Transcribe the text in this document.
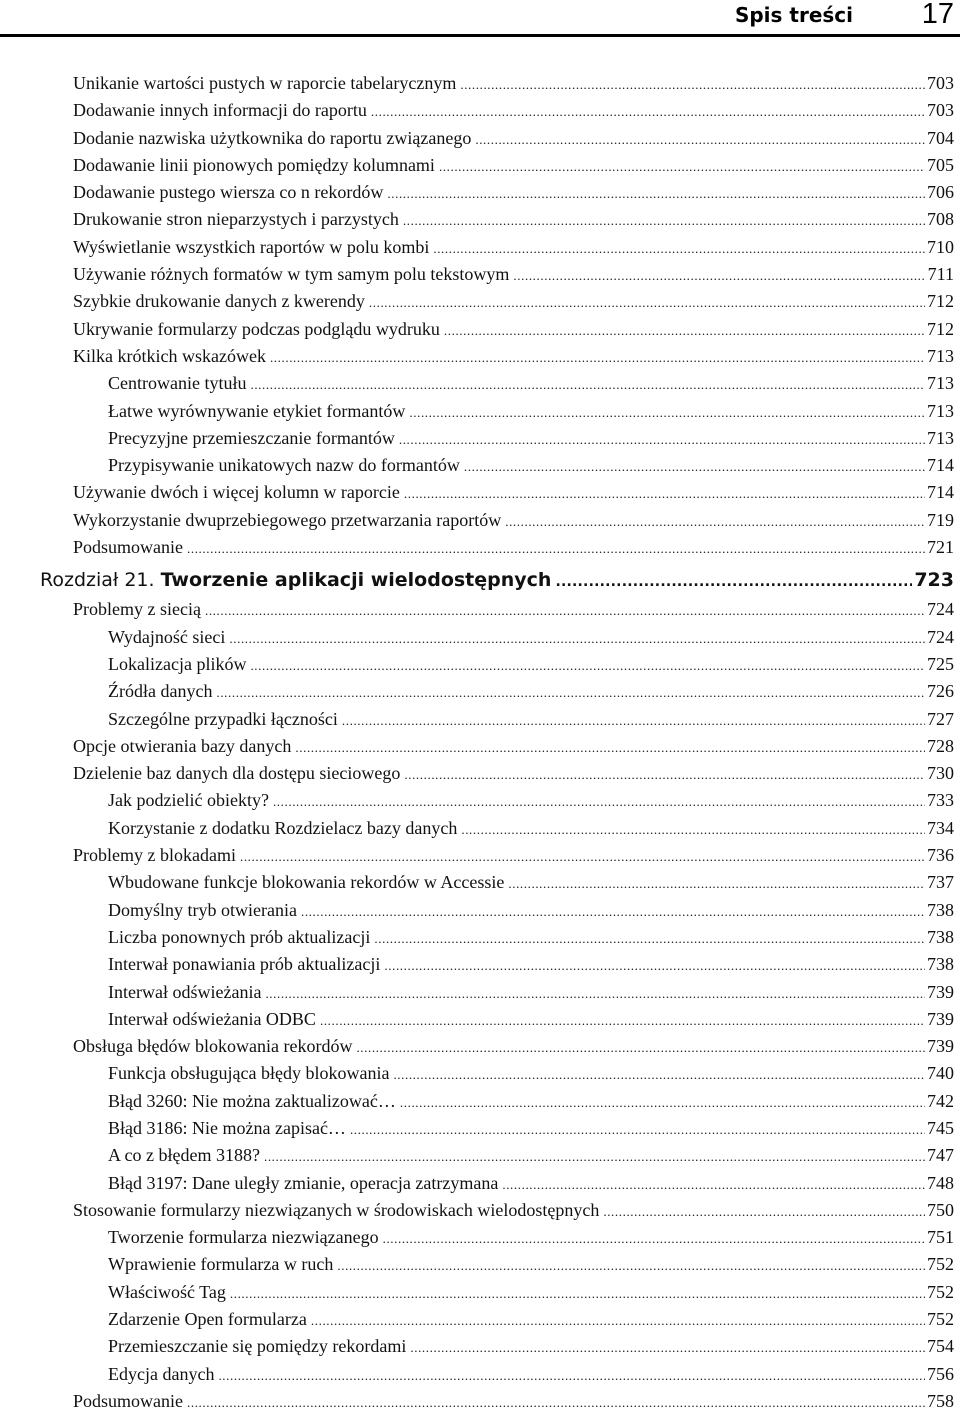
Spis treści 17
Unikanie wartości pustych w raporcie tabelarycznym .....	703
Dodawanie innych informacji do raportu .....	703
Dodanie nazwiska użytkownika do raportu związanego .....	704
Dodawanie linii pionowych pomiędzy kolumnami .....	705
Dodawanie pustego wiersza co n rekordów .....	706
Drukowanie stron nieparzystych i parzystych .....	708
Wyświetlanie wszystkich raportów w polu kombi .....	710
Używanie różnych formatów w tym samym polu tekstowym .....	711
Szybkie drukowanie danych z kwerendy .....	712
Ukrywanie formularzy podczas podglądu wydruku .....	712
Kilka krótkich wskazówek .....	713
Centrowanie tytułu .....	713
Łatwe wyrównywanie etykiet formantów .....	713
Precyzyjne przemieszczanie formantów .....	713
Przypisywanie unikatowych nazw do formantów .....	714
Używanie dwóch i więcej kolumn w raporcie .....	714
Wykorzystanie dwuprzebiegowego przetwarzania raportów .....	719
Podsumowanie .....	721
Rozdział 21. Tworzenie aplikacji wielodostępnych .....	723
Problemy z siecią .....	724
Wydajność sieci .....	724
Lokalizacja plików .....	725
Źródła danych .....	726
Szczególne przypadki łączności .....	727
Opcje otwierania bazy danych .....	728
Dzielenie baz danych dla dostępu sieciowego .....	730
Jak podzielić obiekty? .....	733
Korzystanie z dodatku Rozdzielacz bazy danych .....	734
Problemy z blokadami .....	736
Wbudowane funkcje blokowania rekordów w Accessie .....	737
Domyślny tryb otwierania .....	738
Liczba ponownych prób aktualizacji .....	738
Interwał ponawiania prób aktualizacji .....	738
Interwał odświeżania .....	739
Interwał odświeżania ODBC .....	739
Obsługa błędów blokowania rekordów .....	739
Funkcja obsługująca błędy blokowania .....	740
Błąd 3260: Nie można zaktualizować… .....	742
Błąd 3186: Nie można zapisać… .....	745
A co z błędem 3188? .....	747
Błąd 3197: Dane uległy zmianie, operacja zatrzymana .....	748
Stosowanie formularzy niezwiązanych w środowiskach wielodostępnych .....	750
Tworzenie formularza niezwiązanego .....	751
Wprawienie formularza w ruch .....	752
Właściwość Tag .....	752
Zdarzenie Open formularza .....	752
Przemieszczanie się pomiędzy rekordami .....	754
Edycja danych .....	756
Podsumowanie .....	758
